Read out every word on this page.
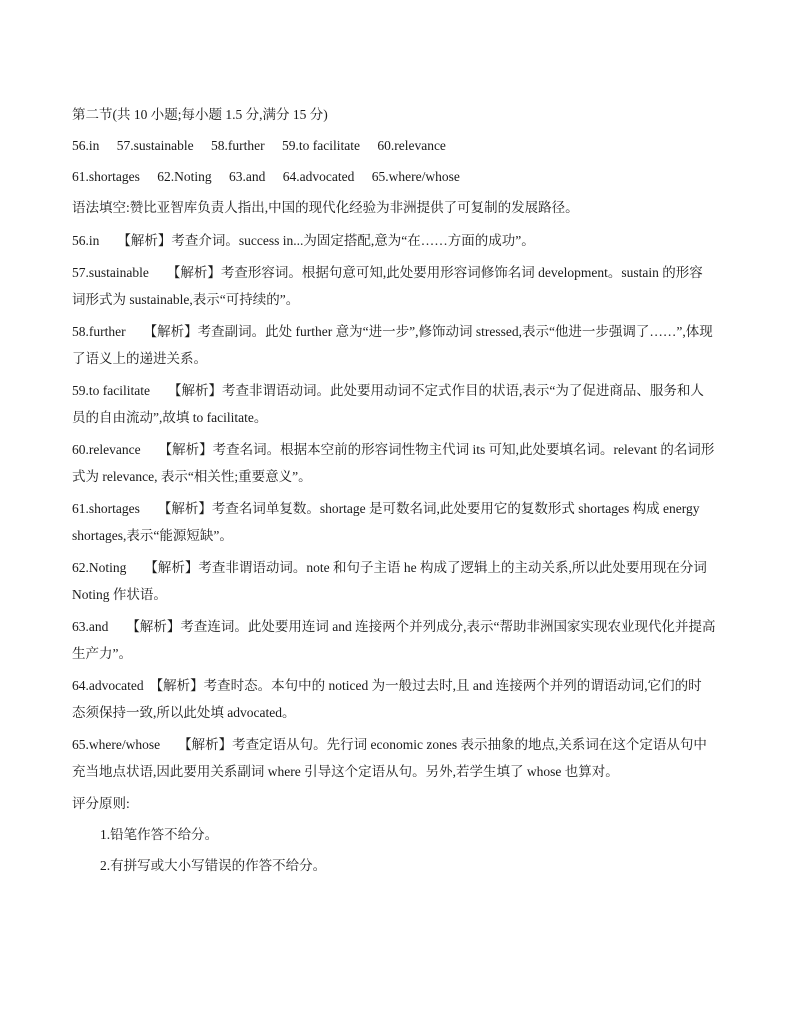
第二节(共 10 小题;每小题 1.5 分,满分 15 分)
56.in 57.sustainable 58.further 59.to facilitate 60.relevance
61.shortages 62.Noting 63.and 64.advocated 65.where/whose
语法填空:赞比亚智库负责人指出,中国的现代化经验为非洲提供了可复制的发展路径。
56.in 【解析】考查介词。success in...为固定搭配,意为“在……方面的成功”。
57.sustainable 【解析】考查形容词。根据句意可知,此处要用形容词修饰名词 development。sustain 的形容
词形式为 sustainable,表示“可持续的”。
58.further 【解析】考查副词。此处 further 意为“进一步”,修饰动词 stressed,表示“他进一步强调了……”,体现
了语义上的递进关系。
59.to facilitate 【解析】考查非谓语动词。此处要用动词不定式作目的状语,表示“为了促进商品、服务和人
员的自由流动”,故填 to facilitate。
60.relevance 【解析】考查名词。根据本空前的形容词性物主代词 its 可知,此处要填名词。relevant 的名词形
式为 relevance, 表示“相关性;重要意义”。
61.shortages 【解析】考查名词单复数。shortage 是可数名词,此处要用它的复数形式 shortages 构成 energy
shortages,表示“能源短缺”。
62.Noting 【解析】考查非谓语动词。note 和句子主语 he 构成了逻辑上的主动关系,所以此处要用现在分词
Noting 作状语。
63.and 【解析】考查连词。此处要用连词 and 连接两个并列成分,表示“帮助非洲国家实现农业现代化并提高
生产力”。
64.advocated 【解析】考查时态。本句中的 noticed 为一般过去时,且 and 连接两个并列的谓语动词,它们的时
态须保持一致,所以此处填 advocated。
65.where/whose 【解析】考查定语从句。先行词 economic zones 表示抽象的地点,关系词在这个定语从句中
充当地点状语,因此要用关系副词 where 引导这个定语从句。另外,若学生填了 whose 也算对。
评分原则:
1.铅笔作答不给分。
2.有拼写或大小写错误的作答不给分。
